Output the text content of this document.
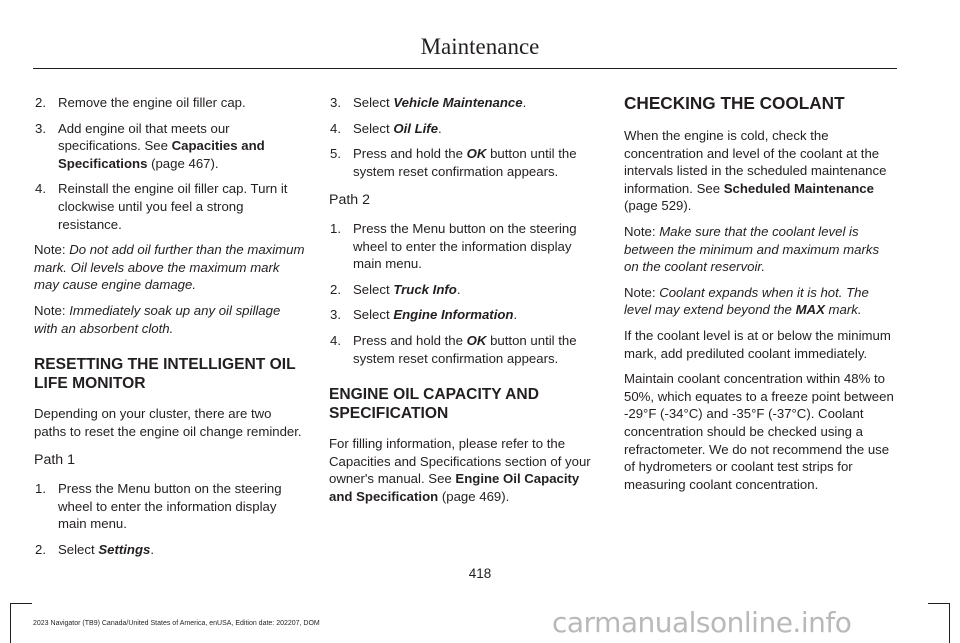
Maintenance
2. Remove the engine oil filler cap.
3. Add engine oil that meets our specifications. See Capacities and Specifications (page 467).
4. Reinstall the engine oil filler cap. Turn it clockwise until you feel a strong resistance.

Note: Do not add oil further than the maximum mark. Oil levels above the maximum mark may cause engine damage.

Note: Immediately soak up any oil spillage with an absorbent cloth.

RESETTING THE INTELLIGENT OIL LIFE MONITOR

Depending on your cluster, there are two paths to reset the engine oil change reminder.

Path 1
1. Press the Menu button on the steering wheel to enter the information display main menu.
2. Select Settings.
3. Select Vehicle Maintenance.
4. Select Oil Life.
5. Press and hold the OK button until the system reset confirmation appears.
Path 2
1. Press the Menu button on the steering wheel to enter the information display main menu.
2. Select Truck Info.
3. Select Engine Information.
4. Press and hold the OK button until the system reset confirmation appears.
ENGINE OIL CAPACITY AND SPECIFICATION

For filling information, please refer to the Capacities and Specifications section of your owner's manual. See Engine Oil Capacity and Specification (page 469).

CHECKING THE COOLANT

When the engine is cold, check the concentration and level of the coolant at the intervals listed in the scheduled maintenance information. See Scheduled Maintenance (page 529).

Note: Make sure that the coolant level is between the minimum and maximum marks on the coolant reservoir.

Note: Coolant expands when it is hot. The level may extend beyond the MAX mark.

If the coolant level is at or below the minimum mark, add prediluted coolant immediately.

Maintain coolant concentration within 48% to 50%, which equates to a freeze point between -29°F (-34°C) and -35°F (-37°C). Coolant concentration should be checked using a refractometer. We do not recommend the use of hydrometers or coolant test strips for measuring coolant concentration.

418
2023 Navigator (TB9) Canada/United States of America, enUSA, Edition date: 202207, DOM	carmanualsonline.info
